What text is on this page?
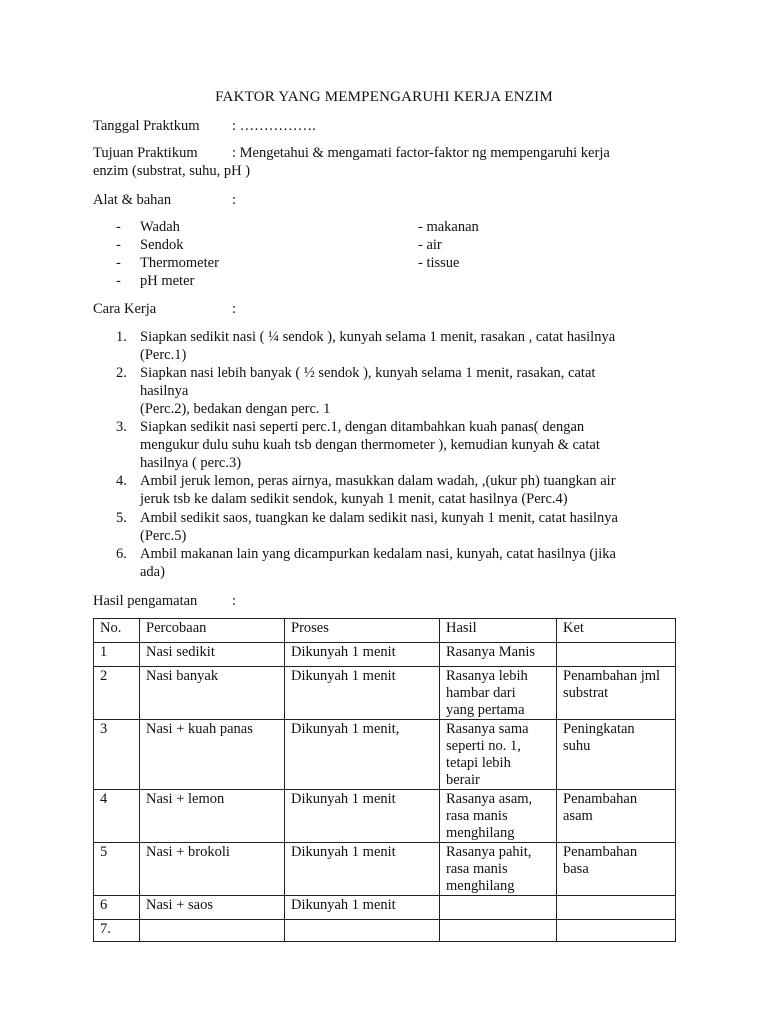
FAKTOR YANG MEMPENGARUHI KERJA ENZIM
Tanggal Praktkum : …………….
Tujuan Praktikum : Mengetahui & mengamati factor-faktor ng mempengaruhi kerja
enzim (substrat, suhu, pH )
Alat & bahan	:
- Wadah	- makanan
- Sendok	- air
- Thermometer	- tissue
- pH meter
Cara Kerja	:
1. Siapkan sedikit nasi ( ¼ sendok ), kunyah selama 1 menit, rasakan , catat hasilnya
(Perc.1)
2. Siapkan nasi lebih banyak ( ½ sendok ), kunyah selama 1 menit, rasakan, catat
hasilnya
(Perc.2), bedakan dengan perc. 1
3. Siapkan sedikit nasi seperti perc.1, dengan ditambahkan kuah panas( dengan
mengukur dulu suhu kuah tsb dengan thermometer ), kemudian kunyah & catat
hasilnya ( perc.3)
4. Ambil jeruk lemon, peras airnya, masukkan dalam wadah, ,(ukur ph) tuangkan air
jeruk tsb ke dalam sedikit sendok, kunyah 1 menit, catat hasilnya (Perc.4)
5. Ambil sedikit saos, tuangkan ke dalam sedikit nasi, kunyah 1 menit, catat hasilnya
(Perc.5)
6. Ambil makanan lain yang dicampurkan kedalam nasi, kunyah, catat hasilnya (jika
ada)
Hasil pengamatan :
No.	Percobaan	Proses	Hasil	Ket

1	Nasi sedikit	Dikunyah 1 menit	Rasanya Manis	

2	Nasi banyak	Dikunyah 1 menit	Rasanya lebih
hambar dari
yang pertama	Penambahan jml
substrat

3	Nasi + kuah panas	Dikunyah 1 menit,	Rasanya sama
seperti no. 1,
tetapi lebih
berair	Peningkatan
suhu

4	Nasi + lemon	Dikunyah 1 menit	Rasanya asam,
rasa manis
menghilang	Penambahan
asam

5	Nasi + brokoli	Dikunyah 1 menit	Rasanya pahit,
rasa manis
menghilang	Penambahan
basa

6	Nasi + saos	Dikunyah 1 menit		

7.				
